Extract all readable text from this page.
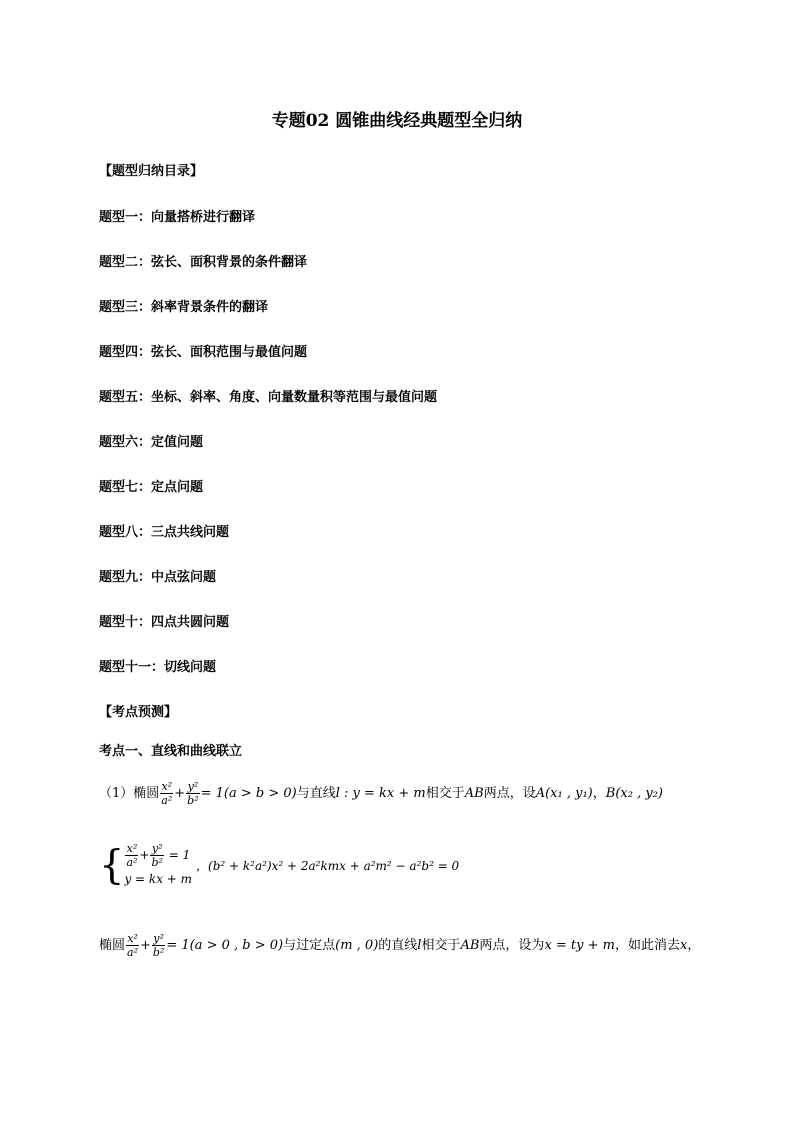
专题02 圆锥曲线经典题型全归纳
【题型归纳目录】
题型一：向量搭桥进行翻译
题型二：弦长、面积背景的条件翻译
题型三：斜率背景条件的翻译
题型四：弦长、面积范围与最值问题
题型五：坐标、斜率、角度、向量数量积等范围与最值问题
题型六：定值问题
题型七：定点问题
题型八：三点共线问题
题型九：中点弦问题
题型十：四点共圆问题
题型十一：切线问题
【考点预测】
考点一、直线和曲线联立
（1）椭圆 $\frac{\text{x²}}{\text{a²}} + \frac{\text{y²}}{\text{b²}} = 1(a > b > 0)$与直线l : y = kx + m相交于AB两点，设A(x₁ , y₁)，B(x₂ , y₂)
{ $\frac{\text{x²}}{\text{a²}} + \frac{\text{y²}}{\text{b²}} = 1$
y = kx + m
，(b² + k²a²)x² + 2a²kmx + a²m² − a²b² = 0
椭圆 $\frac{\text{x²}}{\text{a²}} + \frac{\text{y²}}{\text{b²}} = 1(a > 0$ , b > 0)与过定点(m , 0)的直线l相交于AB两点，设为x = ty + m，如此消去x，
